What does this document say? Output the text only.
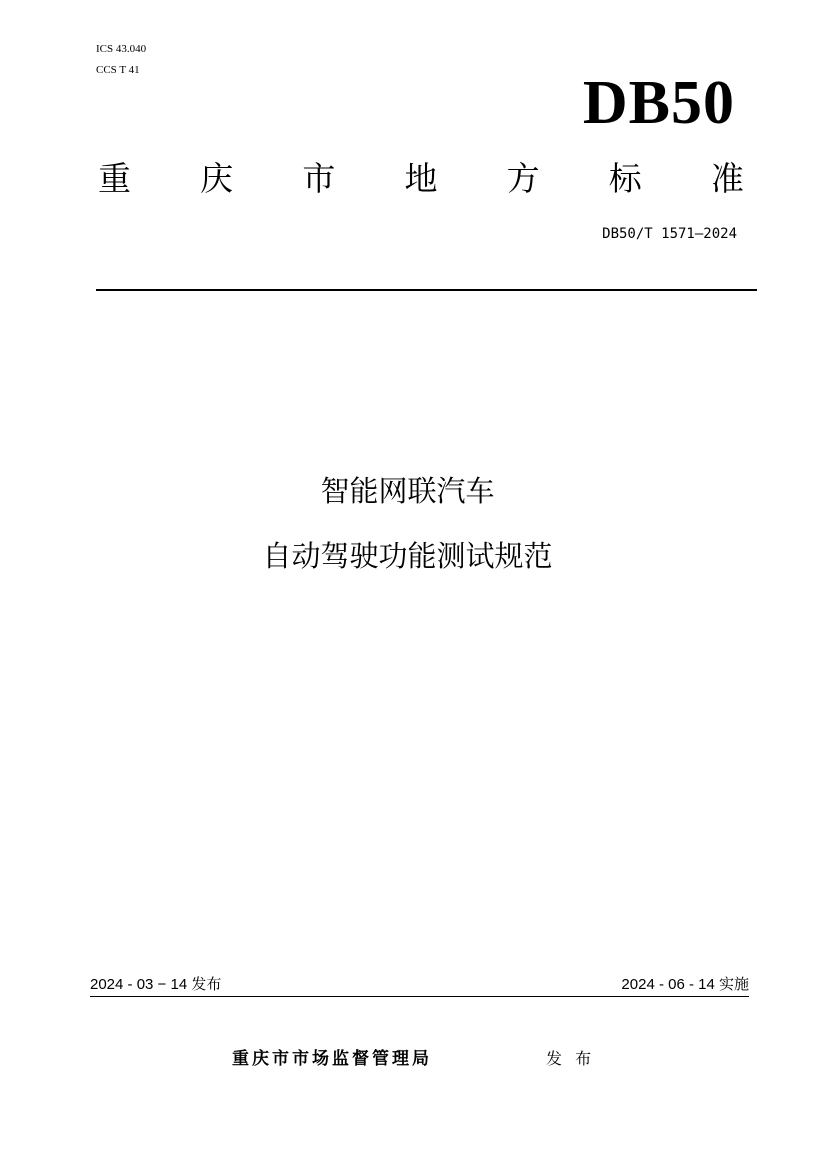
ICS 43.040
CCS T 41	DB50
重 庆 市 地 方 标 准
DB50/T 1571—2024
智能网联汽车
自动驾驶功能测试规范
2024 - 03 − 14 发布	2024 - 06 - 14 实施
重庆市市场监督管理局	发 布
